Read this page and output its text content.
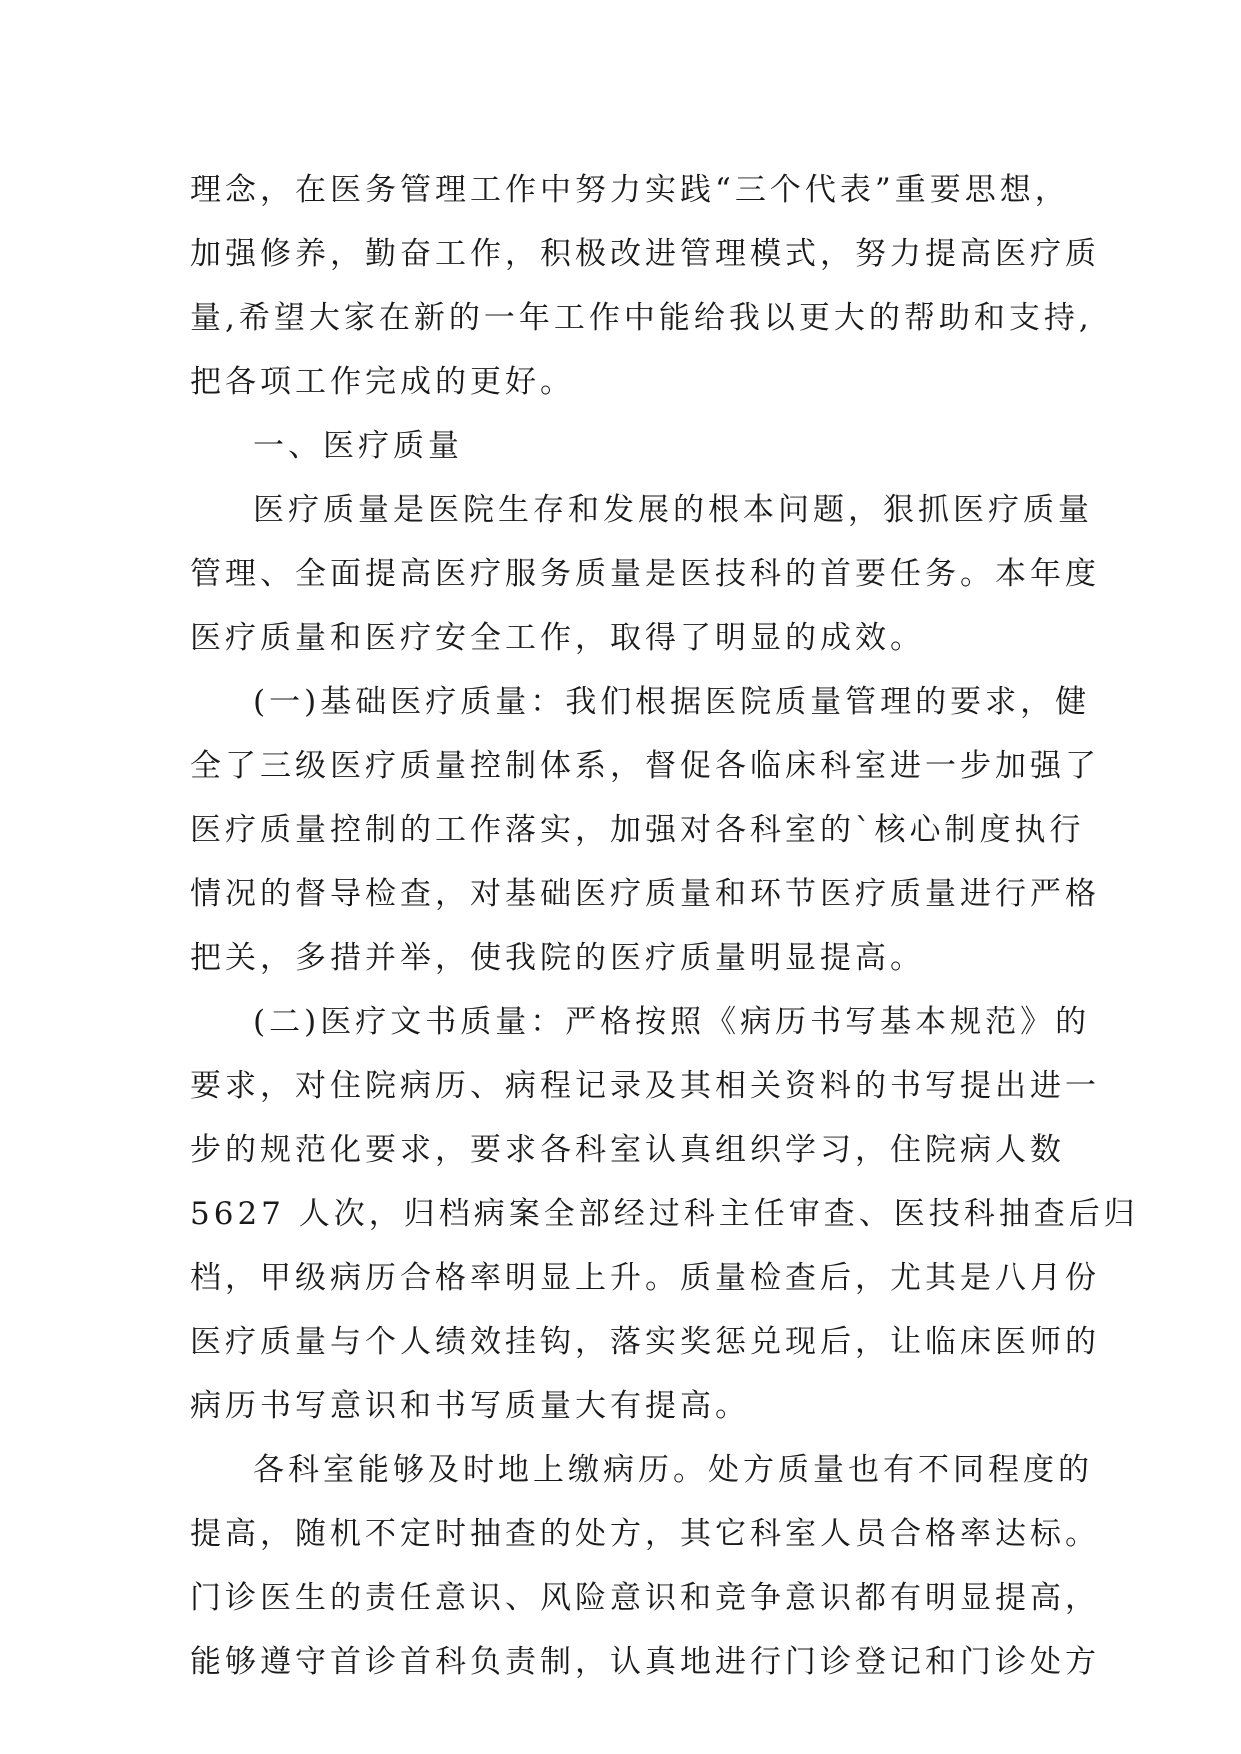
理念，在医务管理工作中努力实践“三个代表”重要思想，
加强修养，勤奋工作，积极改进管理模式，努力提高医疗质
量,希望大家在新的一年工作中能给我以更大的帮助和支持,
把各项工作完成的更好。
一、医疗质量
医疗质量是医院生存和发展的根本问题，狠抓医疗质量
管理、全面提高医疗服务质量是医技科的首要任务。本年度
医疗质量和医疗安全工作，取得了明显的成效。
(一)基础医疗质量：我们根据医院质量管理的要求，健
全了三级医疗质量控制体系，督促各临床科室进一步加强了
医疗质量控制的工作落实，加强对各科室的`核心制度执行
情况的督导检查，对基础医疗质量和环节医疗质量进行严格
把关，多措并举，使我院的医疗质量明显提高。
(二)医疗文书质量：严格按照《病历书写基本规范》的
要求，对住院病历、病程记录及其相关资料的书写提出进一
步的规范化要求，要求各科室认真组织学习，住院病人数
5627 人次，归档病案全部经过科主任审查、医技科抽查后归
档，甲级病历合格率明显上升。质量检查后，尤其是八月份
医疗质量与个人绩效挂钩，落实奖惩兑现后，让临床医师的
病历书写意识和书写质量大有提高。
各科室能够及时地上缴病历。处方质量也有不同程度的
提高，随机不定时抽查的处方，其它科室人员合格率达标。
门诊医生的责任意识、风险意识和竞争意识都有明显提高，
能够遵守首诊首科负责制，认真地进行门诊登记和门诊处方
